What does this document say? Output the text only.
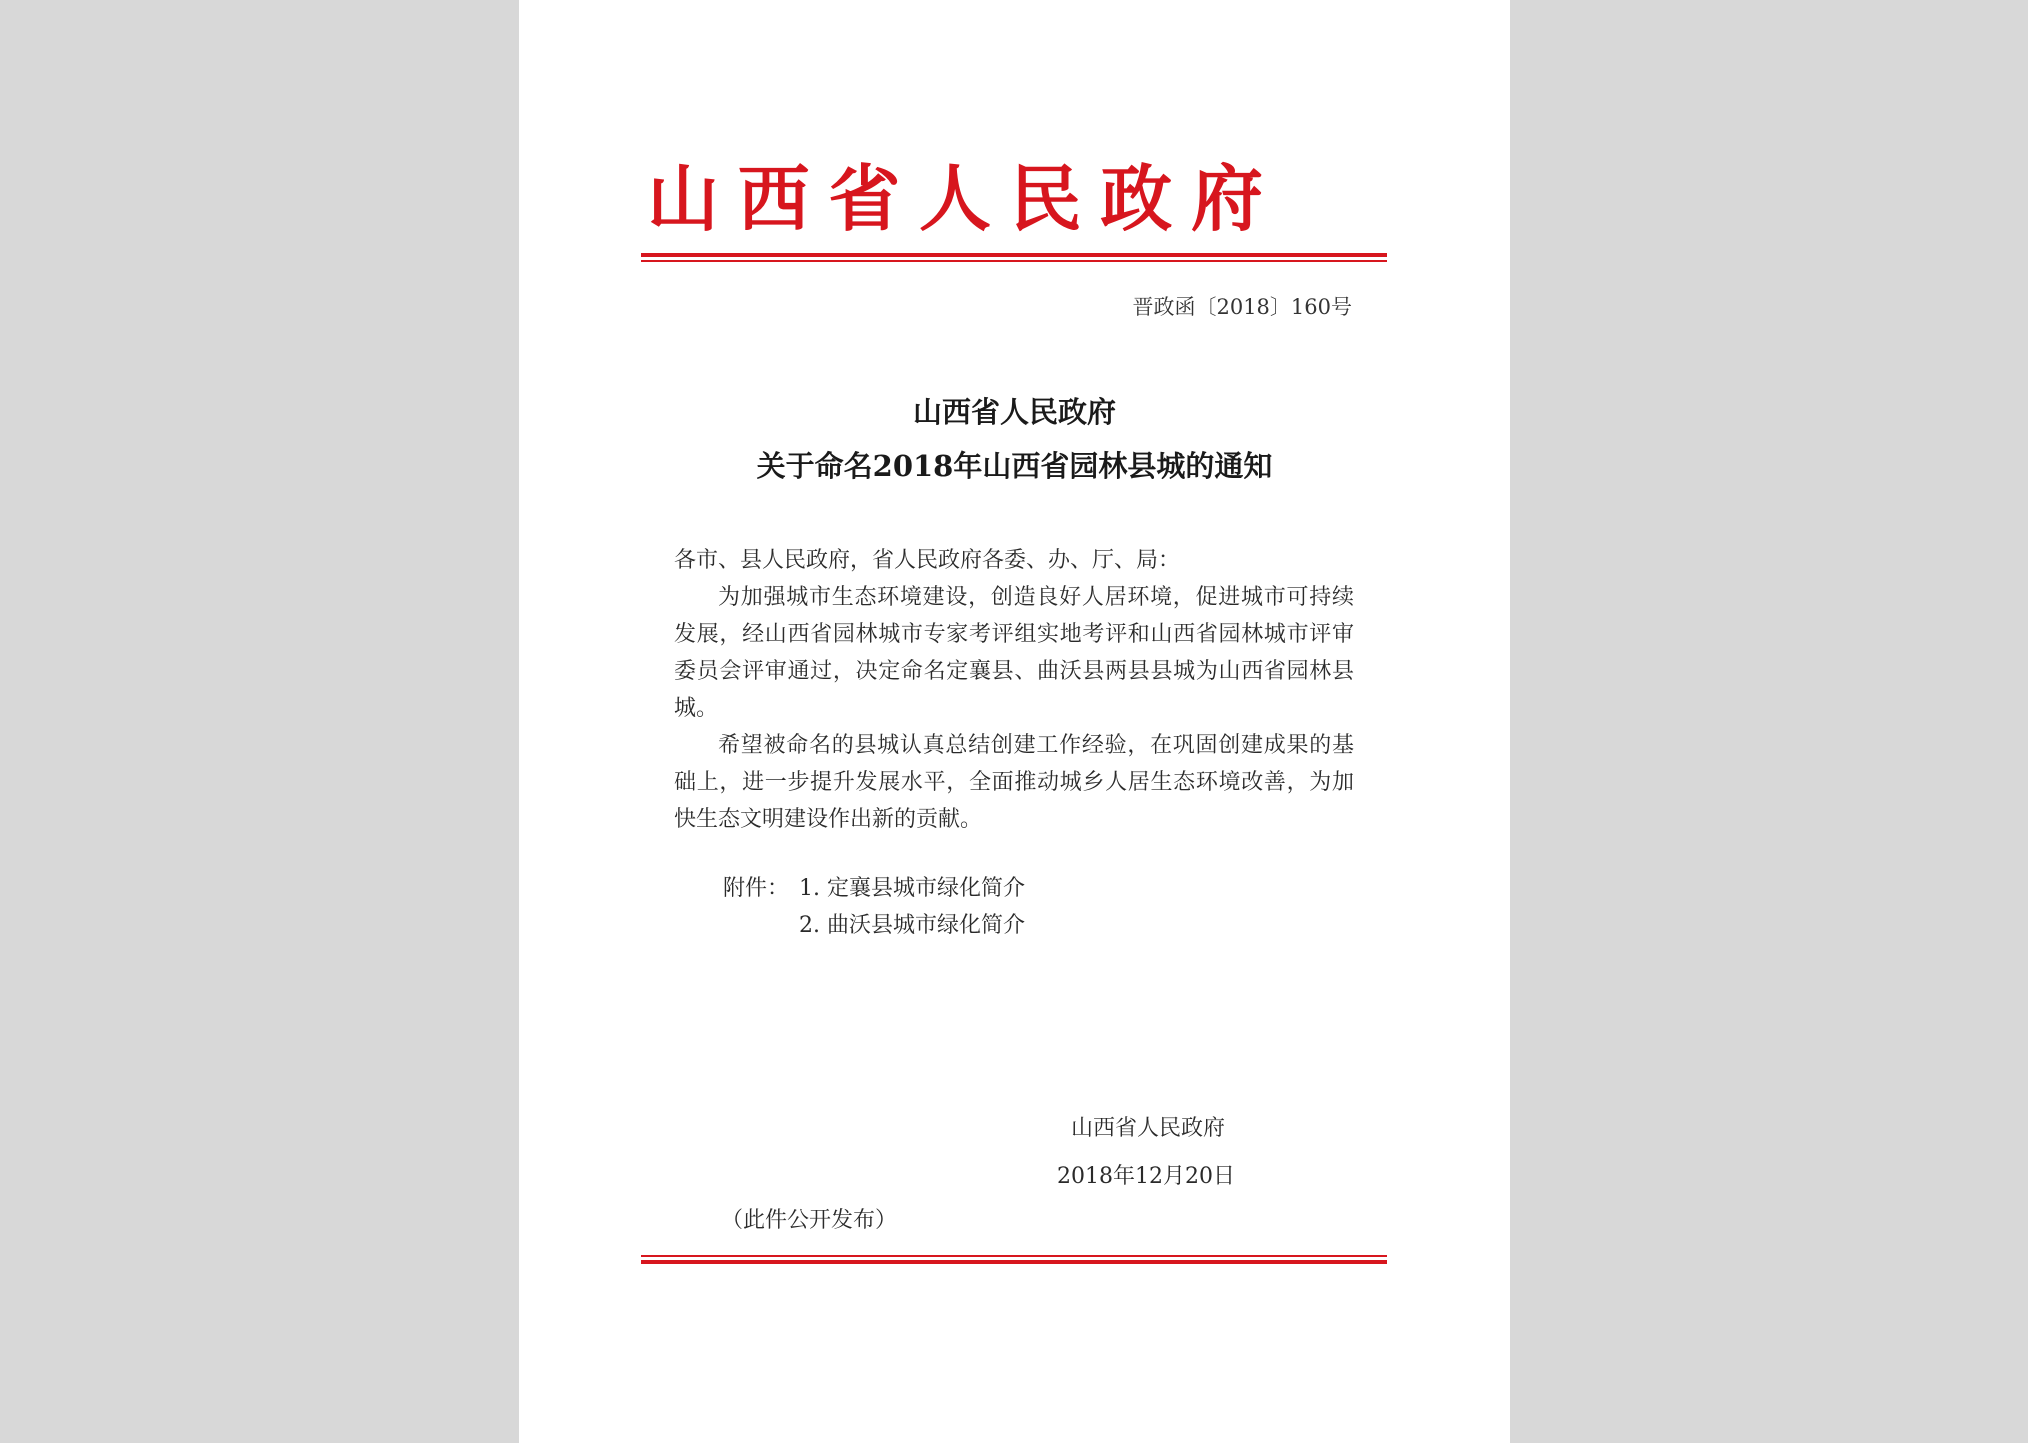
山 西 省 人 民 政 府
晋政函〔2018〕160号
山西省人民政府
关于命名2018年山西省园林县城的通知

各市、县人民政府，省人民政府各委、办、厅、局：

为加强城市生态环境建设，创造良好人居环境，促进城市可持续发展，经山西省园林城市专家考评组实地考评和山西省园林城市评审委员会评审通过，决定命名定襄县、曲沃县两县县城为山西省园林县城。

希望被命名的县城认真总结创建工作经验，在巩固创建成果的基础上，进一步提升发展水平，全面推动城乡人居生态环境改善，为加快生态文明建设作出新的贡献。

附件： 1. 定襄县城市绿化简介
2. 曲沃县城市绿化简介
山西省人民政府
2018年12月20日
（此件公开发布）
